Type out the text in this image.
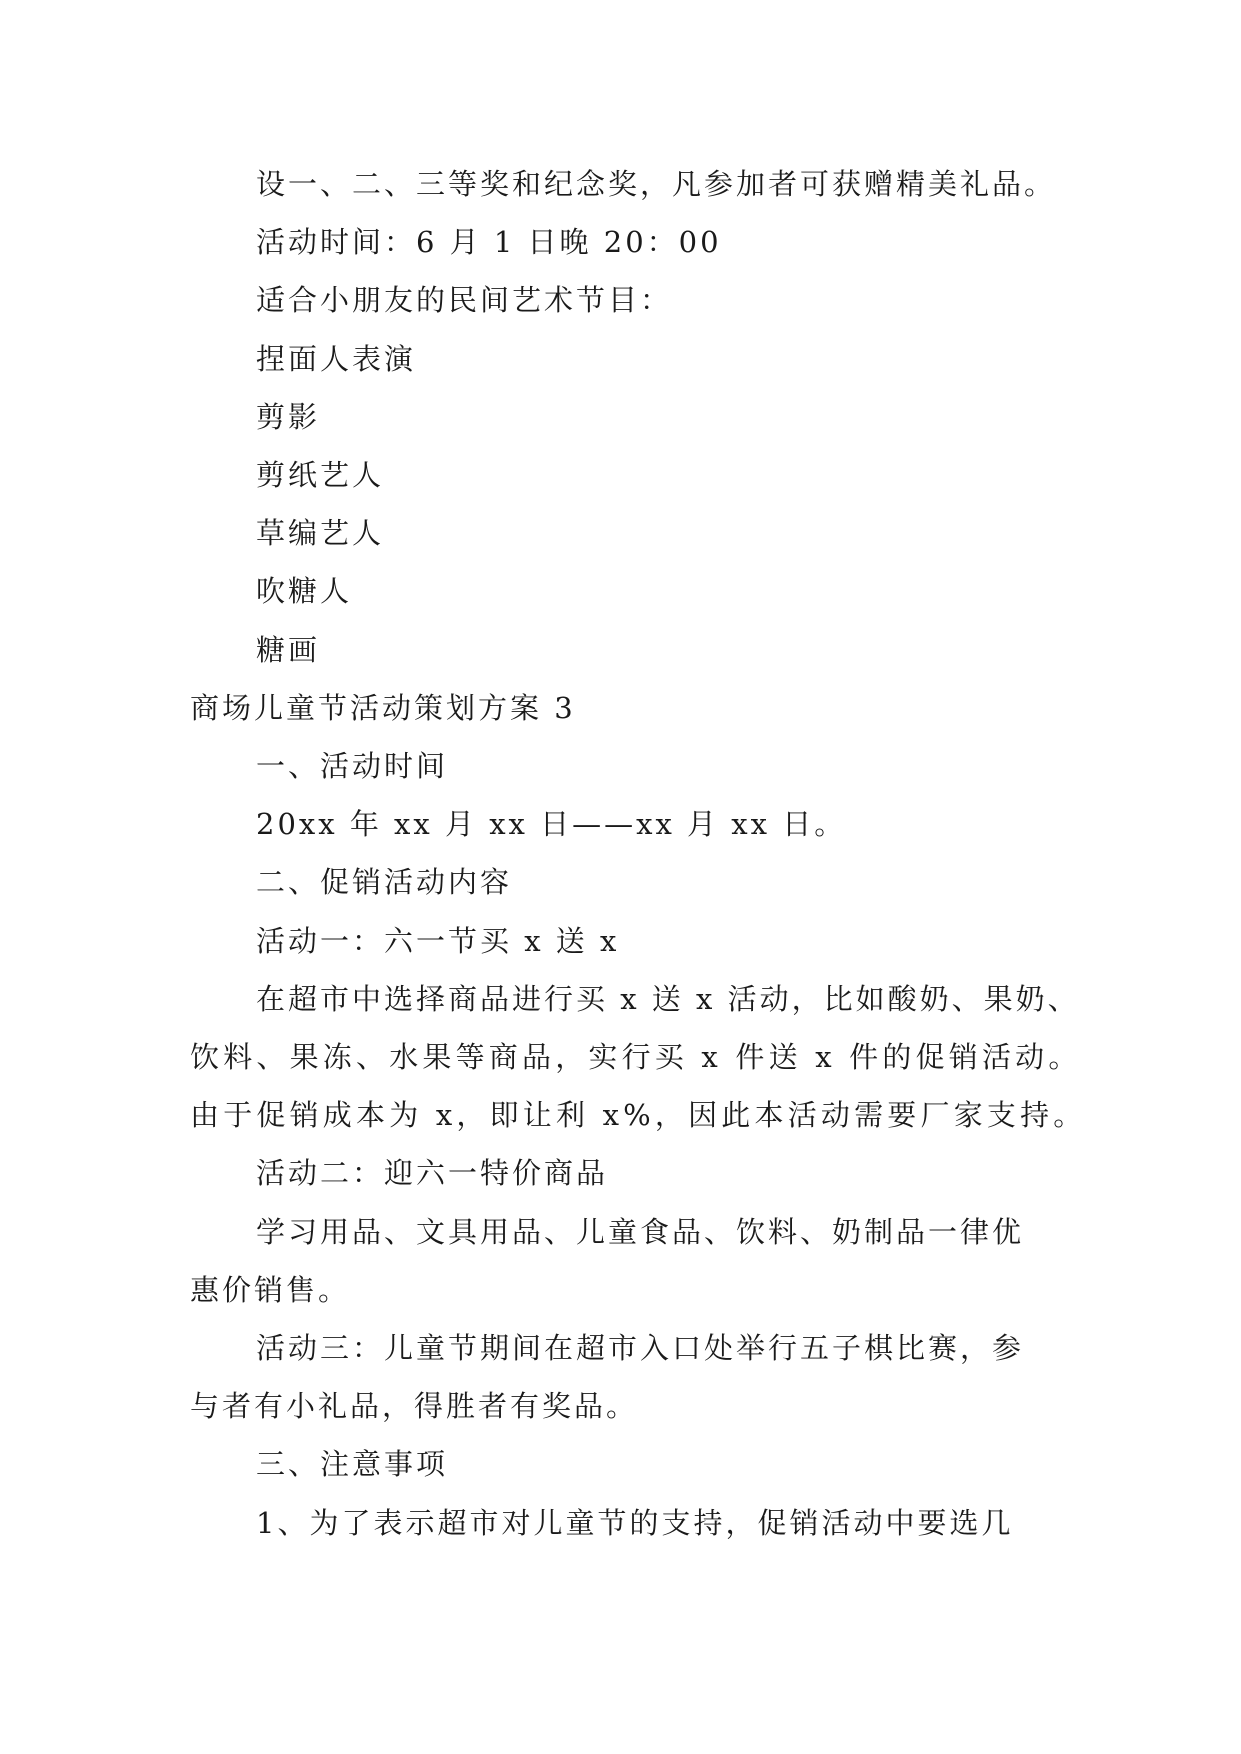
设一、二、三等奖和纪念奖，凡参加者可获赠精美礼品。
活动时间：6 月 1 日晚 20：00
适合小朋友的民间艺术节目：
捏面人表演
剪影
剪纸艺人
草编艺人
吹糖人
糖画
商场儿童节活动策划方案 3
一、活动时间
20xx 年 xx 月 xx 日——xx 月 xx 日。
二、促销活动内容
活动一：六一节买 x 送 x
在超市中选择商品进行买 x 送 x 活动，比如酸奶、果奶、
饮料、果冻、水果等商品，实行买 x 件送 x 件的促销活动。
由于促销成本为 x，即让利 x%，因此本活动需要厂家支持。
活动二：迎六一特价商品
学习用品、文具用品、儿童食品、饮料、奶制品一律优
惠价销售。
活动三：儿童节期间在超市入口处举行五子棋比赛，参
与者有小礼品，得胜者有奖品。
三、注意事项
1、为了表示超市对儿童节的支持，促销活动中要选几
